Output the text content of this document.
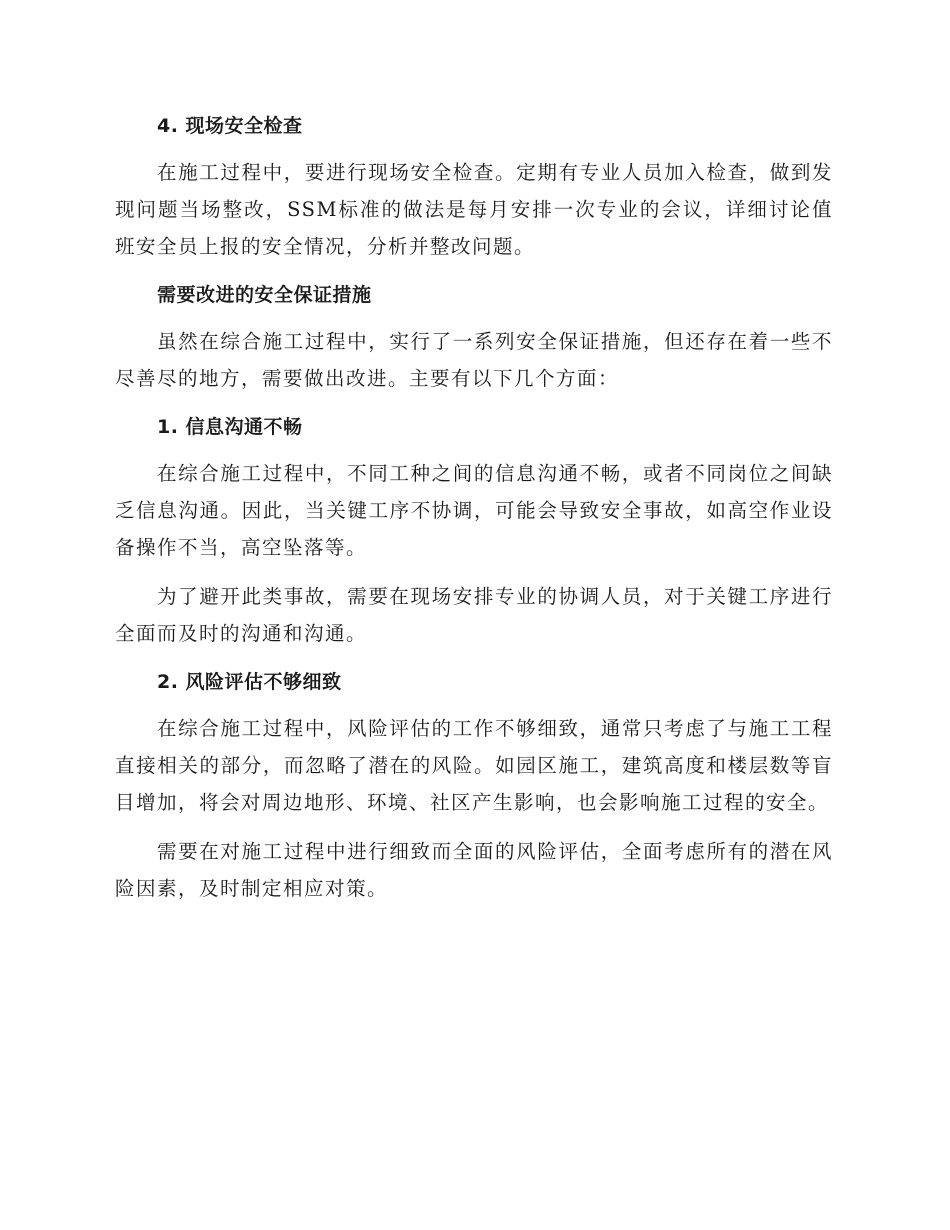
4. 现场安全检查

在施工过程中，要进行现场安全检查。定期有专业人员加入检查，做到发现问题当场整改，SSM标准的做法是每月安排一次专业的会议，详细讨论值班安全员上报的安全情况，分析并整改问题。

需要改进的安全保证措施

虽然在综合施工过程中，实行了一系列安全保证措施，但还存在着一些不尽善尽的地方，需要做出改进。主要有以下几个方面：

1. 信息沟通不畅

在综合施工过程中，不同工种之间的信息沟通不畅，或者不同岗位之间缺乏信息沟通。因此，当关键工序不协调，可能会导致安全事故，如高空作业设备操作不当，高空坠落等。

为了避开此类事故，需要在现场安排专业的协调人员，对于关键工序进行全面而及时的沟通和沟通。

2. 风险评估不够细致

在综合施工过程中，风险评估的工作不够细致，通常只考虑了与施工工程直接相关的部分，而忽略了潜在的风险。如园区施工，建筑高度和楼层数等盲目增加，将会对周边地形、环境、社区产生影响，也会影响施工过程的安全。

需要在对施工过程中进行细致而全面的风险评估，全面考虑所有的潜在风险因素，及时制定相应对策。
